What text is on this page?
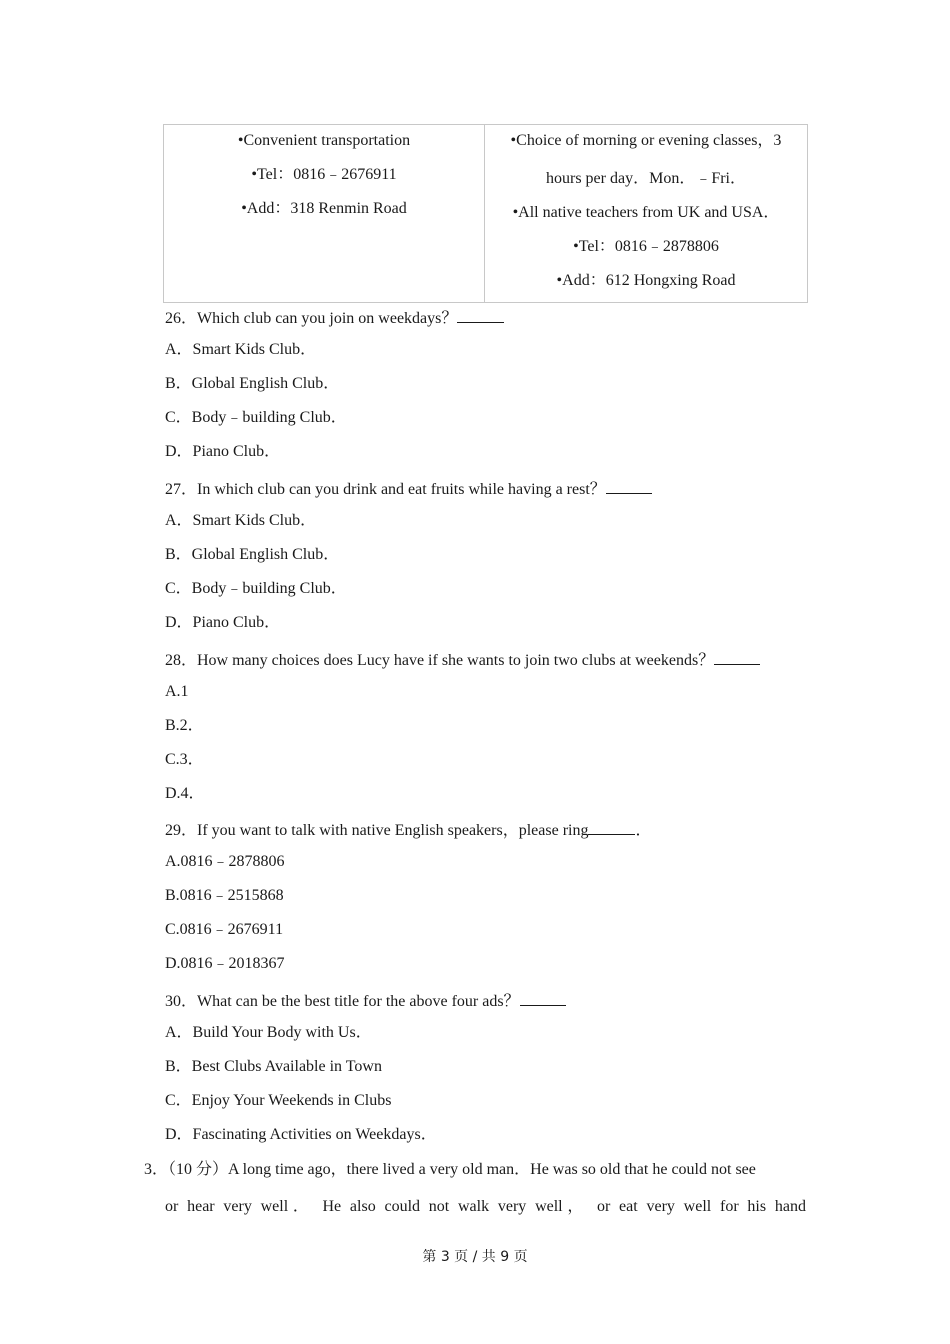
•Convenient transportation
•Tel：0816﹣2676911
•Add：318 Renmin Road
•Choice of morning or evening classes，3
hours per day．Mon．﹣Fri．
•All native teachers from UK and USA．
•Tel：0816﹣2878806
•Add：612 Hongxing Road
26．Which club can you join on weekdays？
A．Smart Kids Club．
B．Global English Club．
C．Body﹣building Club．
D．Piano Club．
27．In which club can you drink and eat fruits while having a rest？
A．Smart Kids Club．
B．Global English Club．
C．Body﹣building Club．
D．Piano Club．
28．How many choices does Lucy have if she wants to join two clubs at weekends？
A.1
B.2．
C.3．
D.4．
29．If you want to talk with native English speakers，please ring	．
A.0816﹣2878806
B.0816﹣2515868
C.0816﹣2676911
D.0816﹣2018367
30．What can be the best title for the above four ads？
A．Build Your Body with Us．
B．Best Clubs Available in Town
C．Enjoy Your Weekends in Clubs
D．Fascinating Activities on Weekdays．
3．（10 分）A long time ago，there lived a very old man．He was so old that he could not see
or hear very well． He also could not walk very well， or eat very well for his hand
第 3 页 / 共 9 页
